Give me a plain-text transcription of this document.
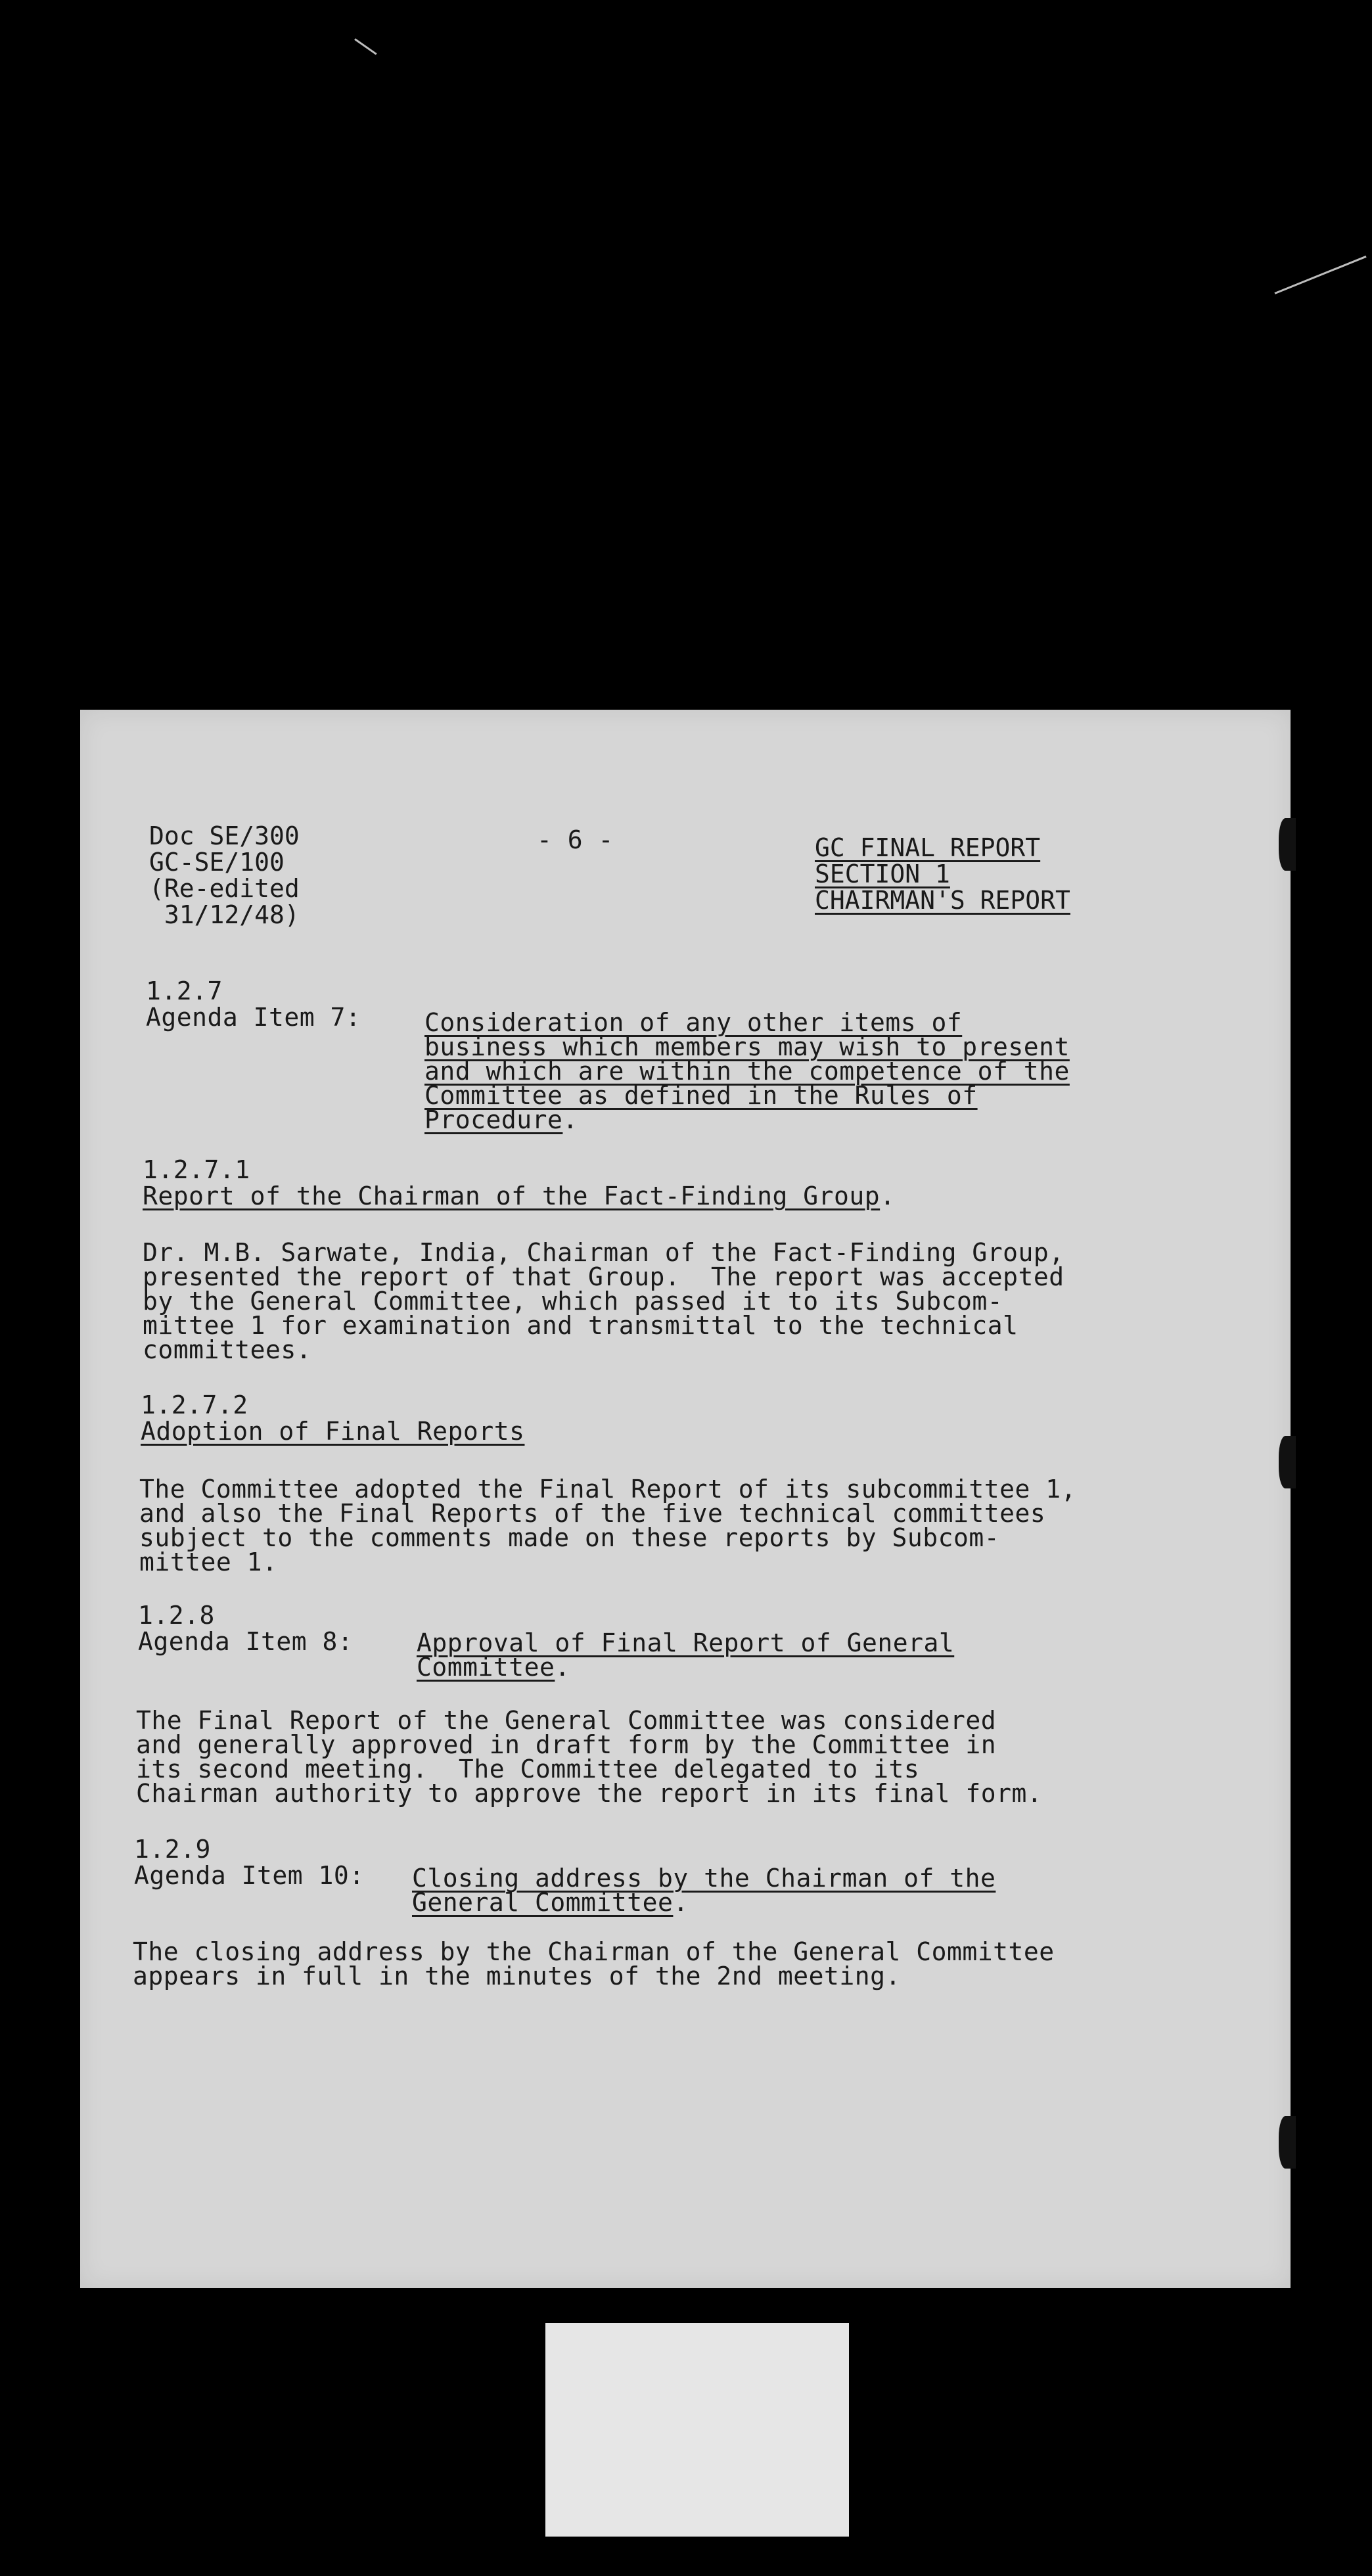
Doc SE/300
GC-SE/100
(Re-edited
31/12/48)
- 6 -	GC FINAL REPORT
SECTION 1
CHAIRMAN'S REPORT
1.2.7
Agenda Item 7:	Consideration of any other items of
business which members may wish to present
and which are within the competence of the
Committee as defined in the Rules of
Procedure.
1.2.7.1
Report of the Chairman of the Fact-Finding Group.
Dr. M.B. Sarwate, India, Chairman of the Fact-Finding Group,
presented the report of that Group.  The report was accepted
by the General Committee, which passed it to its Subcom-
mittee 1 for examination and transmittal to the technical
committees.
1.2.7.2
Adoption of Final Reports
The Committee adopted the Final Report of its subcommittee 1,
and also the Final Reports of the five technical committees
subject to the comments made on these reports by Subcom-
mittee 1.
1.2.8
Agenda Item 8:	Approval of Final Report of General
Committee.
The Final Report of the General Committee was considered
and generally approved in draft form by the Committee in
its second meeting.  The Committee delegated to its
Chairman authority to approve the report in its final form.
1.2.9
Agenda Item 10: Closing address by the Chairman of the
General Committee.
The closing address by the Chairman of the General Committee
appears in full in the minutes of the 2nd meeting.
